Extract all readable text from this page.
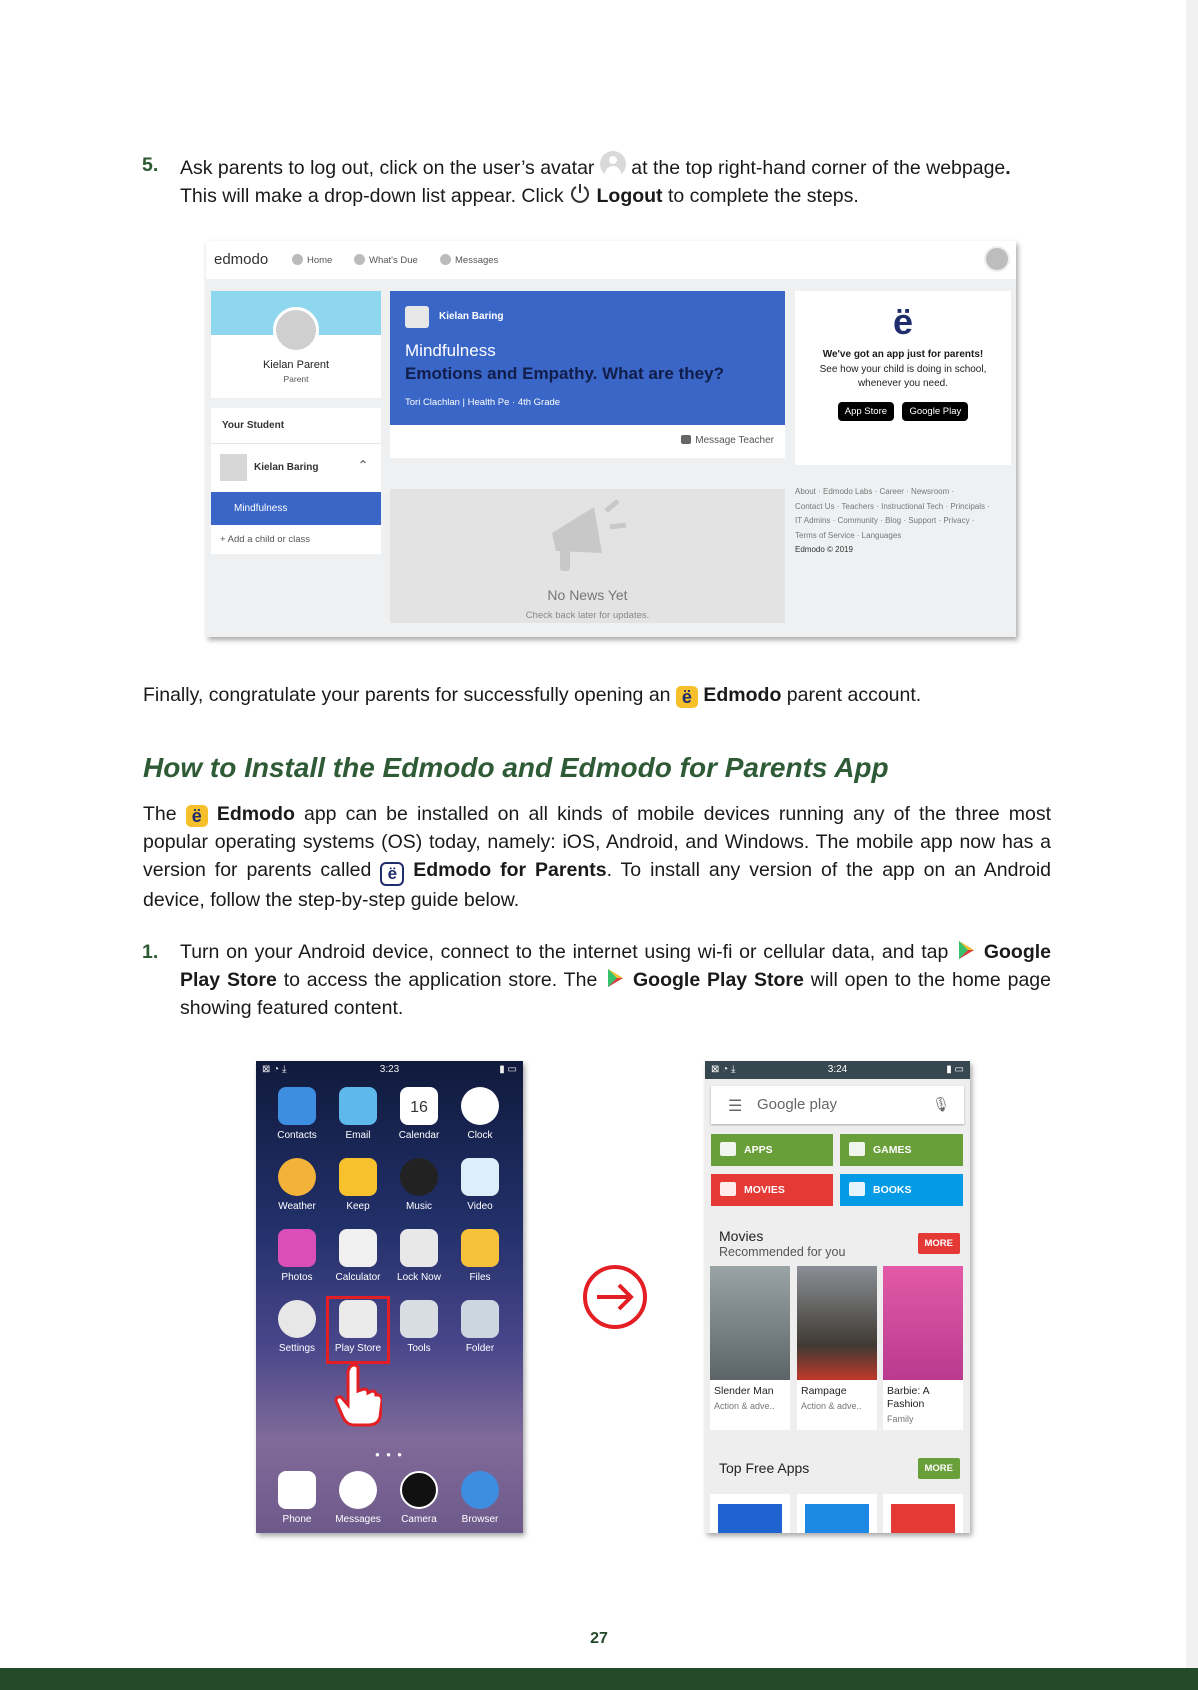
5. Ask parents to log out, click on the user’s avatar at the top right-hand corner of the webpage. This will make a drop-down list appear. Click Logout to complete the steps.
edmodo	Home	What's Due	Messages
Kielan Parent
Parent
Your Student
Kielan Baring	⌃
Mindfulness
+ Add a child or class
Kielan Baring
Mindfulness
Emotions and Empathy. What are they?
Tori Clachlan | Health Pe · 4th Grade
Message Teacher
No News Yet
Check back later for updates.
ë
We've got an app just for parents!
See how your child is doing in school,
whenever you need.
App Store Google Play
About · Edmodo Labs · Career · Newsroom ·
Contact Us · Teachers · Instructional Tech · Principals ·
IT Admins · Community · Blog · Support · Privacy ·
Terms of Service · Languages
Edmodo © 2019
Finally, congratulate your parents for successfully opening an ë Edmodo parent account.
How to Install the Edmodo and Edmodo for Parents App
The ë Edmodo app can be installed on all kinds of mobile devices running any of the three most popular operating systems (OS) today, namely: iOS, Android, and Windows. The mobile app now has a version for parents called ë Edmodo for Parents. To install any version of the app on an Android device, follow the step-by-step guide below.
1. Turn on your Android device, connect to the internet using wi-fi or cellular data, and tap Google Play Store to access the application store. The Google Play Store will open to the home page showing featured content.
⊠ ◔ ⤓	3:23	▮ ▭
Contacts	Email
16
Calendar	Clock
Weather	Keep	Music	Video
Photos	Calculator	Lock Now	Files
Settings	Play Store	Tools	Folder
● ● ●
Phone	Messages	Camera	Browser
⊠ ◔ ⤓	3:24	▮ ▭
☰ Google play	🎙
APPS	GAMES
MOVIES	BOOKS
Movies
Recommended for you
MORE
Slender Man
Action & adve..
Rampage
Action & adve..
Barbie: A Fashion
Family
Top Free Apps	MORE
27
